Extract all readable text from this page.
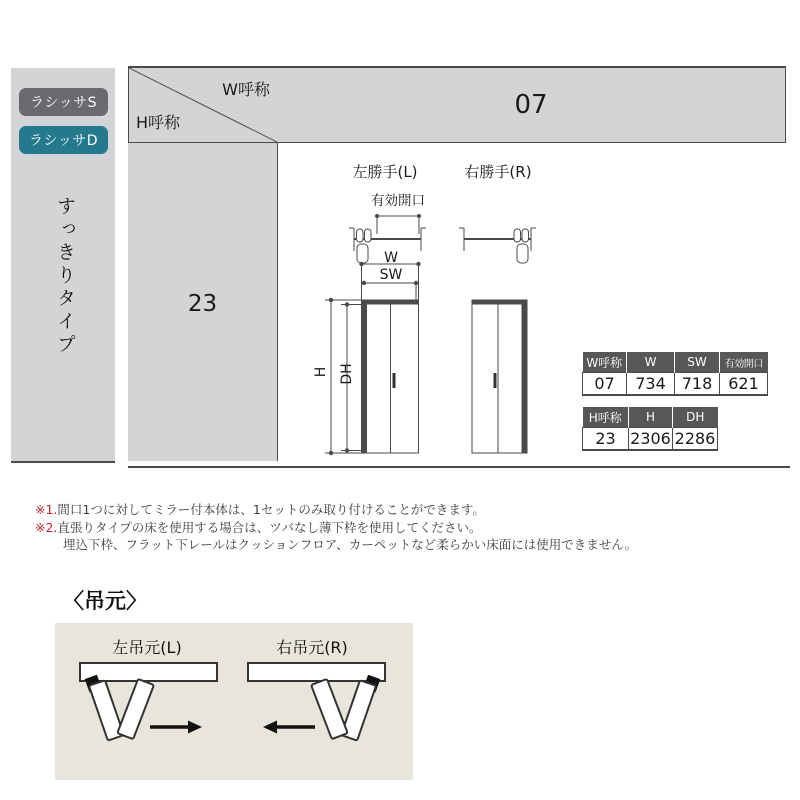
ラシッサS
ラシッサD
すっきりタイプ
W呼称
H呼称
07
23
左勝手(L)	右勝手(R)
有効開口
W
SW
H DH
W呼称	W	SW	有効開口
07	734	718	621
H呼称	H	DH
23	2306	2286
※1.間口1つに対してミラー付本体は、1セットのみ取り付けることができます。
※2.直張りタイプの床を使用する場合は、ツバなし薄下枠を使用してください。
埋込下枠、フラット下レールはクッションフロア、カーペットなど柔らかい床面には使用できません。
〈吊元〉
左吊元(L)	右吊元(R)
